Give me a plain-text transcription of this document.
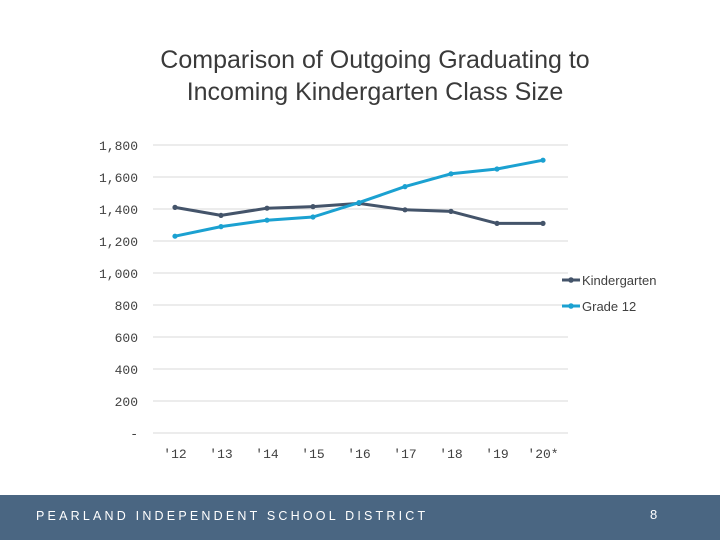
Comparison of Outgoing Graduating to
Incoming Kindergarten Class Size
-
200
400
600
800
1,000
1,200
1,400
1,600
1,800
'12 '13 '14 '15 '16 '17 '18 '19 '20*
Kindergarten
Grade 12
PEARLAND INDEPENDENT SCHOOL DISTRICT	8
